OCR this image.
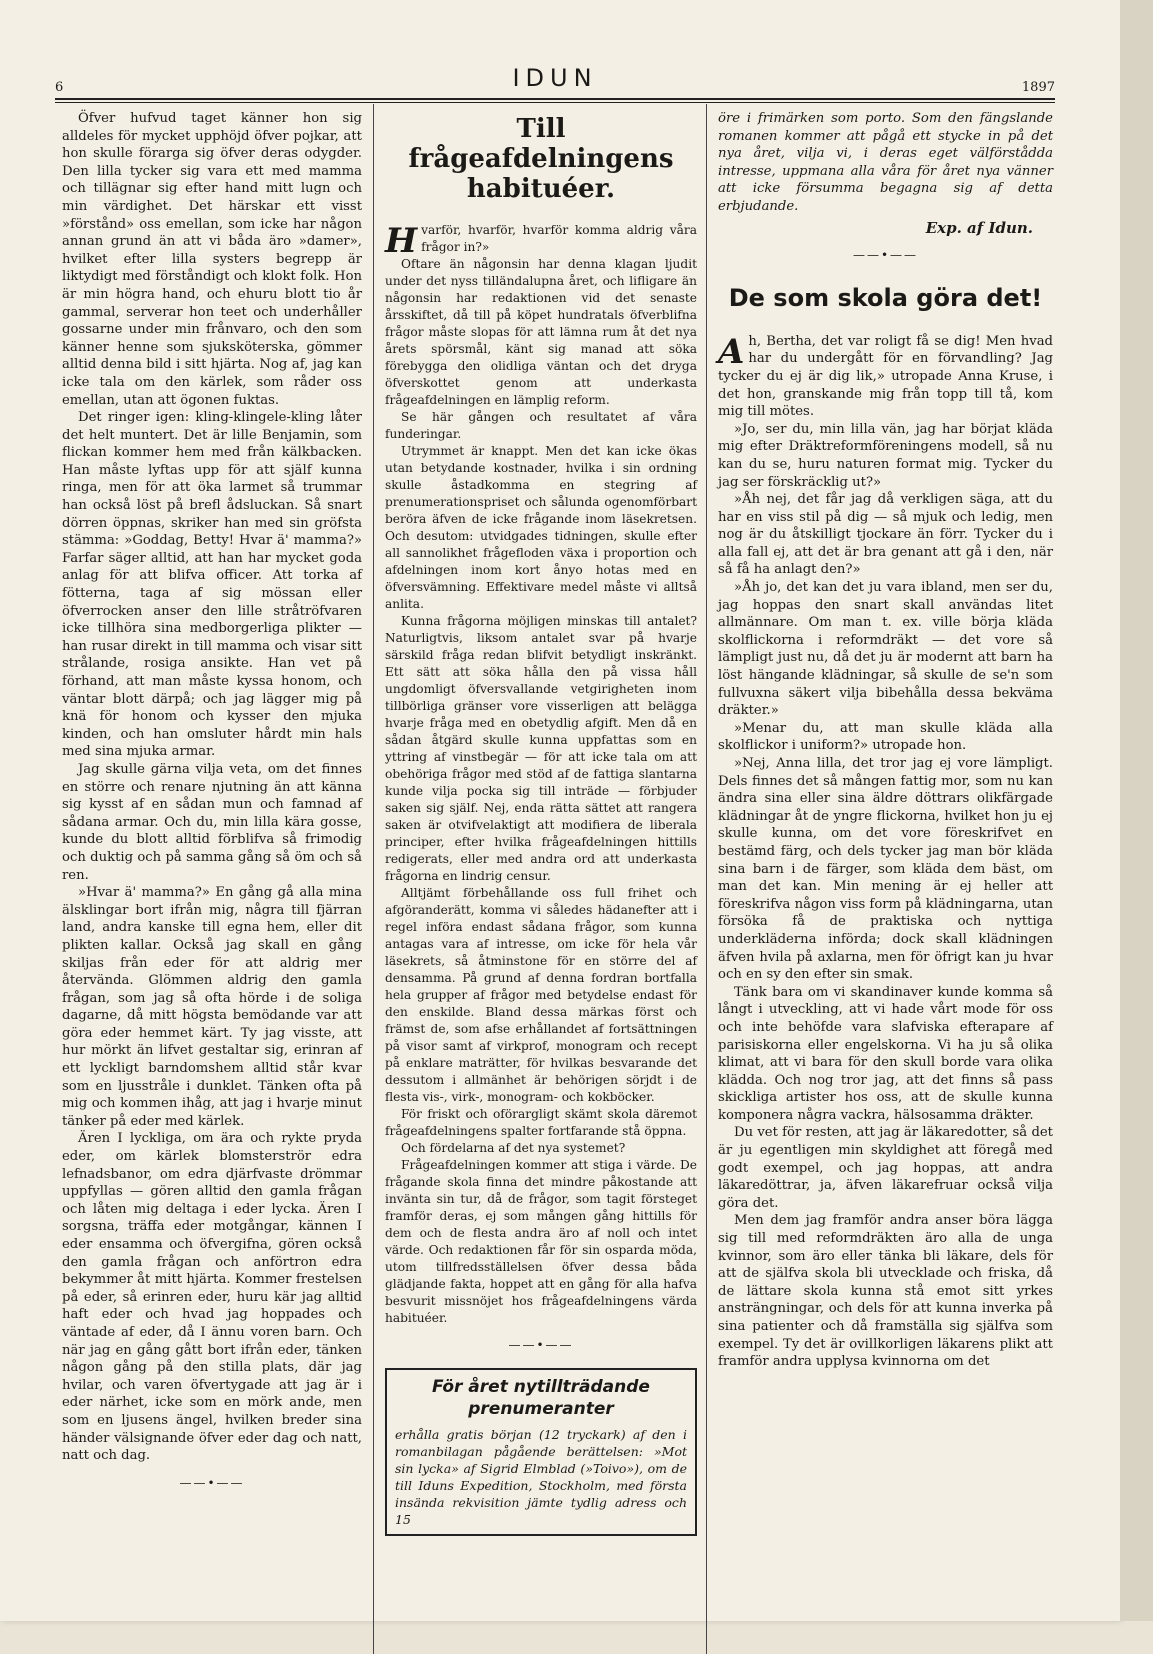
6	IDUN	1897

Öfver hufvud taget känner hon sig alldeles för mycket upphöjd öfver pojkar, att hon skulle förarga sig öfver deras odygder. Den lilla tycker sig vara ett med mamma och tillägnar sig efter hand mitt lugn och min värdighet. Det härskar ett visst »förstånd» oss emellan, som icke har någon annan grund än att vi båda äro »damer», hvilket efter lilla systers begrepp är liktydigt med förståndigt och klokt folk. Hon är min högra hand, och ehuru blott tio år gammal, serverar hon teet och underhåller gossarne under min frånvaro, och den som känner henne som sjuksköterska, gömmer alltid denna bild i sitt hjärta. Nog af, jag kan icke tala om den kärlek, som råder oss emellan, utan att ögonen fuktas.

Det ringer igen: kling-klingele-kling låter det helt muntert. Det är lille Benjamin, som flickan kommer hem med från kälkbacken. Han måste lyftas upp för att själf kunna ringa, men för att öka larmet så trummar han också löst på brefl ådsluckan. Så snart dörren öppnas, skriker han med sin gröfsta stämma: »Goddag, Betty! Hvar ä' mamma?» Farfar säger alltid, att han har mycket goda anlag för att blifva officer. Att torka af fötterna, taga af sig mössan eller öfverrocken anser den lille stråtröfvaren icke tillhöra sina medborgerliga plikter — han rusar direkt in till mamma och visar sitt strålande, rosiga ansikte. Han vet på förhand, att man måste kyssa honom, och väntar blott därpå; och jag lägger mig på knä för honom och kysser den mjuka kinden, och han omsluter hårdt min hals med sina mjuka armar.

Jag skulle gärna vilja veta, om det finnes en större och renare njutning än att känna sig kysst af en sådan mun och famnad af sådana armar. Och du, min lilla kära gosse, kunde du blott alltid förblifva så frimodig och duktig och på samma gång så öm och så ren.

»Hvar ä' mamma?» En gång gå alla mina älsklingar bort ifrån mig, några till fjärran land, andra kanske till egna hem, eller dit plikten kallar. Också jag skall en gång skiljas från eder för att aldrig mer återvända. Glömmen aldrig den gamla frågan, som jag så ofta hörde i de soliga dagarne, då mitt högsta bemödande var att göra eder hemmet kärt. Ty jag visste, att hur mörkt än lifvet gestaltar sig, erinran af ett lyckligt barndomshem alltid står kvar som en ljusstråle i dunklet. Tänken ofta på mig och kommen ihåg, att jag i hvarje minut tänker på eder med kärlek.

Ären I lyckliga, om ära och rykte pryda eder, om kärlek blomsterströr edra lefnadsbanor, om edra djärfvaste drömmar uppfyllas — gören alltid den gamla frågan och låten mig deltaga i eder lycka. Ären I sorgsna, träffa eder motgångar, kännen I eder ensamma och öfvergifna, gören också den gamla frågan och anförtron edra bekymmer åt mitt hjärta. Kommer frestelsen på eder, så erinren eder, huru kär jag alltid haft eder och hvad jag hoppades och väntade af eder, då I ännu voren barn. Och när jag en gång gått bort ifrån eder, tänken någon gång på den stilla plats, där jag hvilar, och varen öfvertygade att jag är i eder närhet, icke som en mörk ande, men som en ljusens ängel, hvilken breder sina händer välsignande öfver eder dag och natt, natt och dag.

——•——
Till frågeafdelningens habituéer.

Hvarför, hvarför, hvarför komma aldrig våra frågor in?»

Oftare än någonsin har denna klagan ljudit under det nyss tilländalupna året, och lifligare än någonsin har redaktionen vid det senaste årsskiftet, då till på köpet hundratals öfverblifna frågor måste slopas för att lämna rum åt det nya årets spörsmål, känt sig manad att söka förebygga den olidliga väntan och det dryga öfverskottet genom att underkasta frågeafdelningen en lämplig reform.

Se här gången och resultatet af våra funderingar.

Utrymmet är knappt. Men det kan icke ökas utan betydande kostnader, hvilka i sin ordning skulle åstadkomma en stegring af prenumerationspriset och sålunda ogenomförbart beröra äfven de icke frågande inom läsekretsen. Och desutom: utvidgades tidningen, skulle efter all sannolikhet frågefloden växa i proportion och afdelningen inom kort ånyo hotas med en öfversvämning. Effektivare medel måste vi alltså anlita.

Kunna frågorna möjligen minskas till antalet? Naturligtvis, liksom antalet svar på hvarje särskild fråga redan blifvit betydligt inskränkt. Ett sätt att söka hålla den på vissa håll ungdomligt öfversvallande vetgirigheten inom tillbörliga gränser vore visserligen att belägga hvarje fråga med en obetydlig afgift. Men då en sådan åtgärd skulle kunna uppfattas som en yttring af vinstbegär — för att icke tala om att obehöriga frågor med stöd af de fattiga slantarna kunde vilja pocka sig till inträde — förbjuder saken sig själf. Nej, enda rätta sättet att rangera saken är otvifvelaktigt att modifiera de liberala principer, efter hvilka frågeafdelningen hittills redigerats, eller med andra ord att underkasta frågorna en lindrig censur.

Alltjämt förbehållande oss full frihet och afgöranderätt, komma vi således hädanefter att i regel införa endast sådana frågor, som kunna antagas vara af intresse, om icke för hela vår läsekrets, så åtminstone för en större del af densamma. På grund af denna fordran bortfalla hela grupper af frågor med betydelse endast för den enskilde. Bland dessa märkas först och främst de, som afse erhållandet af fortsättningen på visor samt af virkprof, monogram och recept på enklare maträtter, för hvilkas besvarande det dessutom i allmänhet är behörigen sörjdt i de flesta vis-, virk-, monogram- och kokböcker.

För friskt och oförargligt skämt skola däremot frågeafdelningens spalter fortfarande stå öppna.

Och fördelarna af det nya systemet?

Frågeafdelningen kommer att stiga i värde. De frågande skola finna det mindre påkostande att invänta sin tur, då de frågor, som tagit försteget framför deras, ej som mången gång hittills för dem och de flesta andra äro af noll och intet värde. Och redaktionen får för sin ospardа möda, utom tillfredsställelsen öfver dessa båda glädjande fakta, hoppet att en gång för alla hafva besvurit missnöjet hos frågeafdelningens värda habituéer.

——•——
För året nytillträdande prenumeranter

erhålla gratis början (12 tryckark) af den i romanbilagan pågående berättelsen: »Mot sin lycka» af Sigrid Elmblad (»Toivo»), om de till Iduns Expedition, Stockholm, med första insända rekvisition jämte tydlig adress och 15

öre i frimärken som porto. Som den fängslande romanen kommer att pågå ett stycke in på det nya året, vilja vi, i deras eget välförstådda intresse, uppmana alla våra för året nya vänner att icke försumma begagna sig af detta erbjudande.

Exp. af Idun.
——•——
De som skola göra det!

Ah, Bertha, det var roligt få se dig! Men hvad har du undergått för en förvandling? Jag tycker du ej är dig lik,» utropade Anna Kruse, i det hon, granskande mig från topp till tå, kom mig till mötes.

»Jo, ser du, min lilla vän, jag har börjat kläda mig efter Dräktreformföreningens modell, så nu kan du se, huru naturen format mig. Tycker du jag ser förskräcklig ut?»

»Åh nej, det får jag då verkligen säga, att du har en viss stil på dig — så mjuk och ledig, men nog är du åtskilligt tjockare än förr. Tycker du i alla fall ej, att det är bra genant att gå i den, när så få ha anlagt den?»

»Åh jo, det kan det ju vara ibland, men ser du, jag hoppas den snart skall användas litet allmännare. Om man t. ex. ville börja kläda skolflickorna i reformdräkt — det vore så lämpligt just nu, då det ju är modernt att barn ha löst hängande klädningar, så skulle de se'n som fullvuxna säkert vilja bibehålla dessa bekväma dräkter.»

»Menar du, att man skulle kläda alla skolflickor i uniform?» utropade hon.

»Nej, Anna lilla, det tror jag ej vore lämpligt. Dels finnes det så mången fattig mor, som nu kan ändra sina eller sina äldre döttrars olikfärgade klädningar åt de yngre flickorna, hvilket hon ju ej skulle kunna, om det vore föreskrifvet en bestämd färg, och dels tycker jag man bör kläda sina barn i de färger, som kläda dem bäst, om man det kan. Min mening är ej heller att föreskrifva någon viss form på klädningarna, utan försöka få de praktiska och nyttiga underkläderna införda; dock skall klädningen äfven hvila på axlarna, men för öfrigt kan ju hvar och en sy den efter sin smak.

Tänk bara om vi skandinaver kunde komma så långt i utveckling, att vi hade vårt mode för oss och inte behöfde vara slafviska efterapare af parisiskorna eller engelskorna. Vi ha ju så olika klimat, att vi bara för den skull borde vara olika klädda. Och nog tror jag, att det finns så pass skickliga artister hos oss, att de skulle kunna komponera några vackra, hälsosamma dräkter.

Du vet för resten, att jag är läkaredotter, så det är ju egentligen min skyldighet att föregå med godt exempel, och jag hoppas, att andra läkaredöttrar, ja, äfven läkarefruar också vilja göra det.

Men dem jag framför andra anser böra lägga sig till med reformdräkten äro alla de unga kvinnor, som äro eller tänka bli läkare, dels för att de själfva skola bli utvecklade och friska, då de lättare skola kunna stå emot sitt yrkes ansträngningar, och dels för att kunna inverka på sina patienter och då framställa sig själfva som exempel. Ty det är ovillkorligen läkarens plikt att framför andra upplysa kvinnorna om det
